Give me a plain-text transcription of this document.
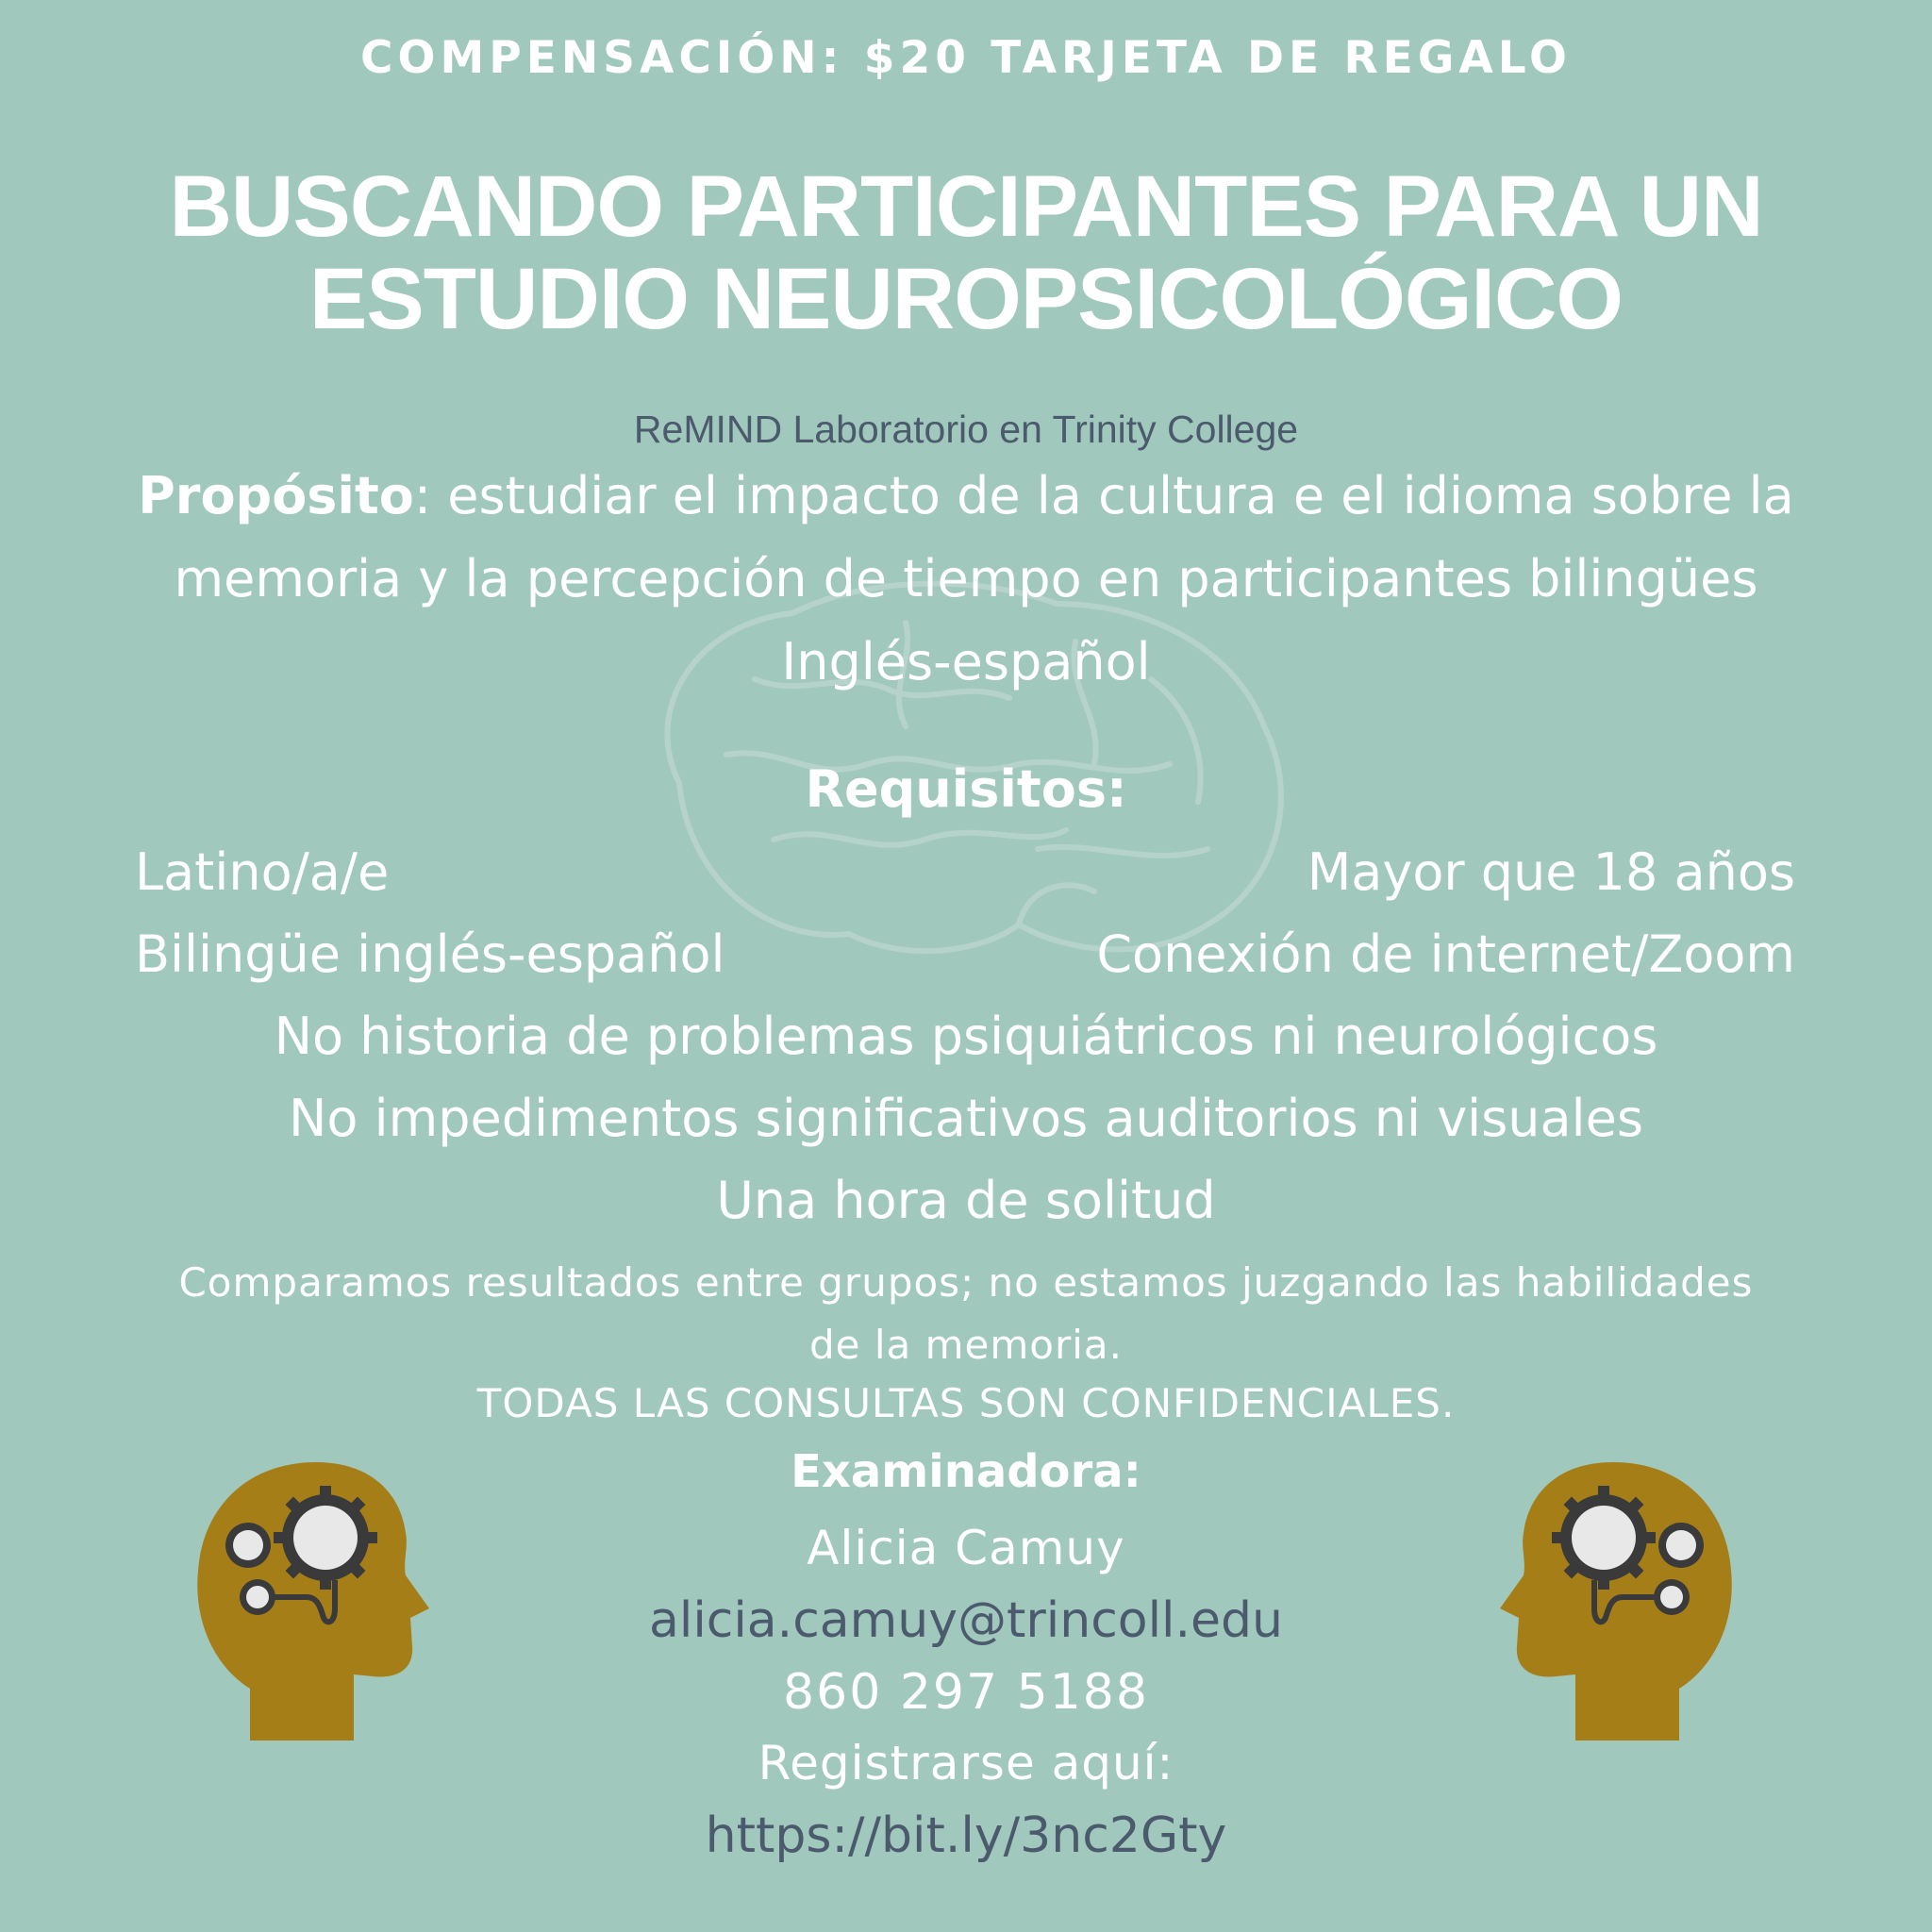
COMPENSACIÓN: $20 TARJETA DE REGALO
BUSCANDO PARTICIPANTES PARA UN
ESTUDIO NEUROPSICOLÓGICO
ReMIND Laboratorio en Trinity College
Propósito: estudiar el impacto de la cultura e el idioma sobre la memoria y la percepción de tiempo en participantes bilingües Inglés-español
Requisitos:
Latino/a/e	Mayor que 18 años
Bilingüe inglés-español	Conexión de internet/Zoom
No historia de problemas psiquiátricos ni neurológicos
No impedimentos significativos auditorios ni visuales
Una hora de solitud
Comparamos resultados entre grupos; no estamos juzgando las habilidades de la memoria.
TODAS LAS CONSULTAS SON CONFIDENCIALES.
Examinadora:
Alicia Camuy
alicia.camuy@trincoll.edu
860 297 5188
Registrarse aquí:
https://bit.ly/3nc2Gty
